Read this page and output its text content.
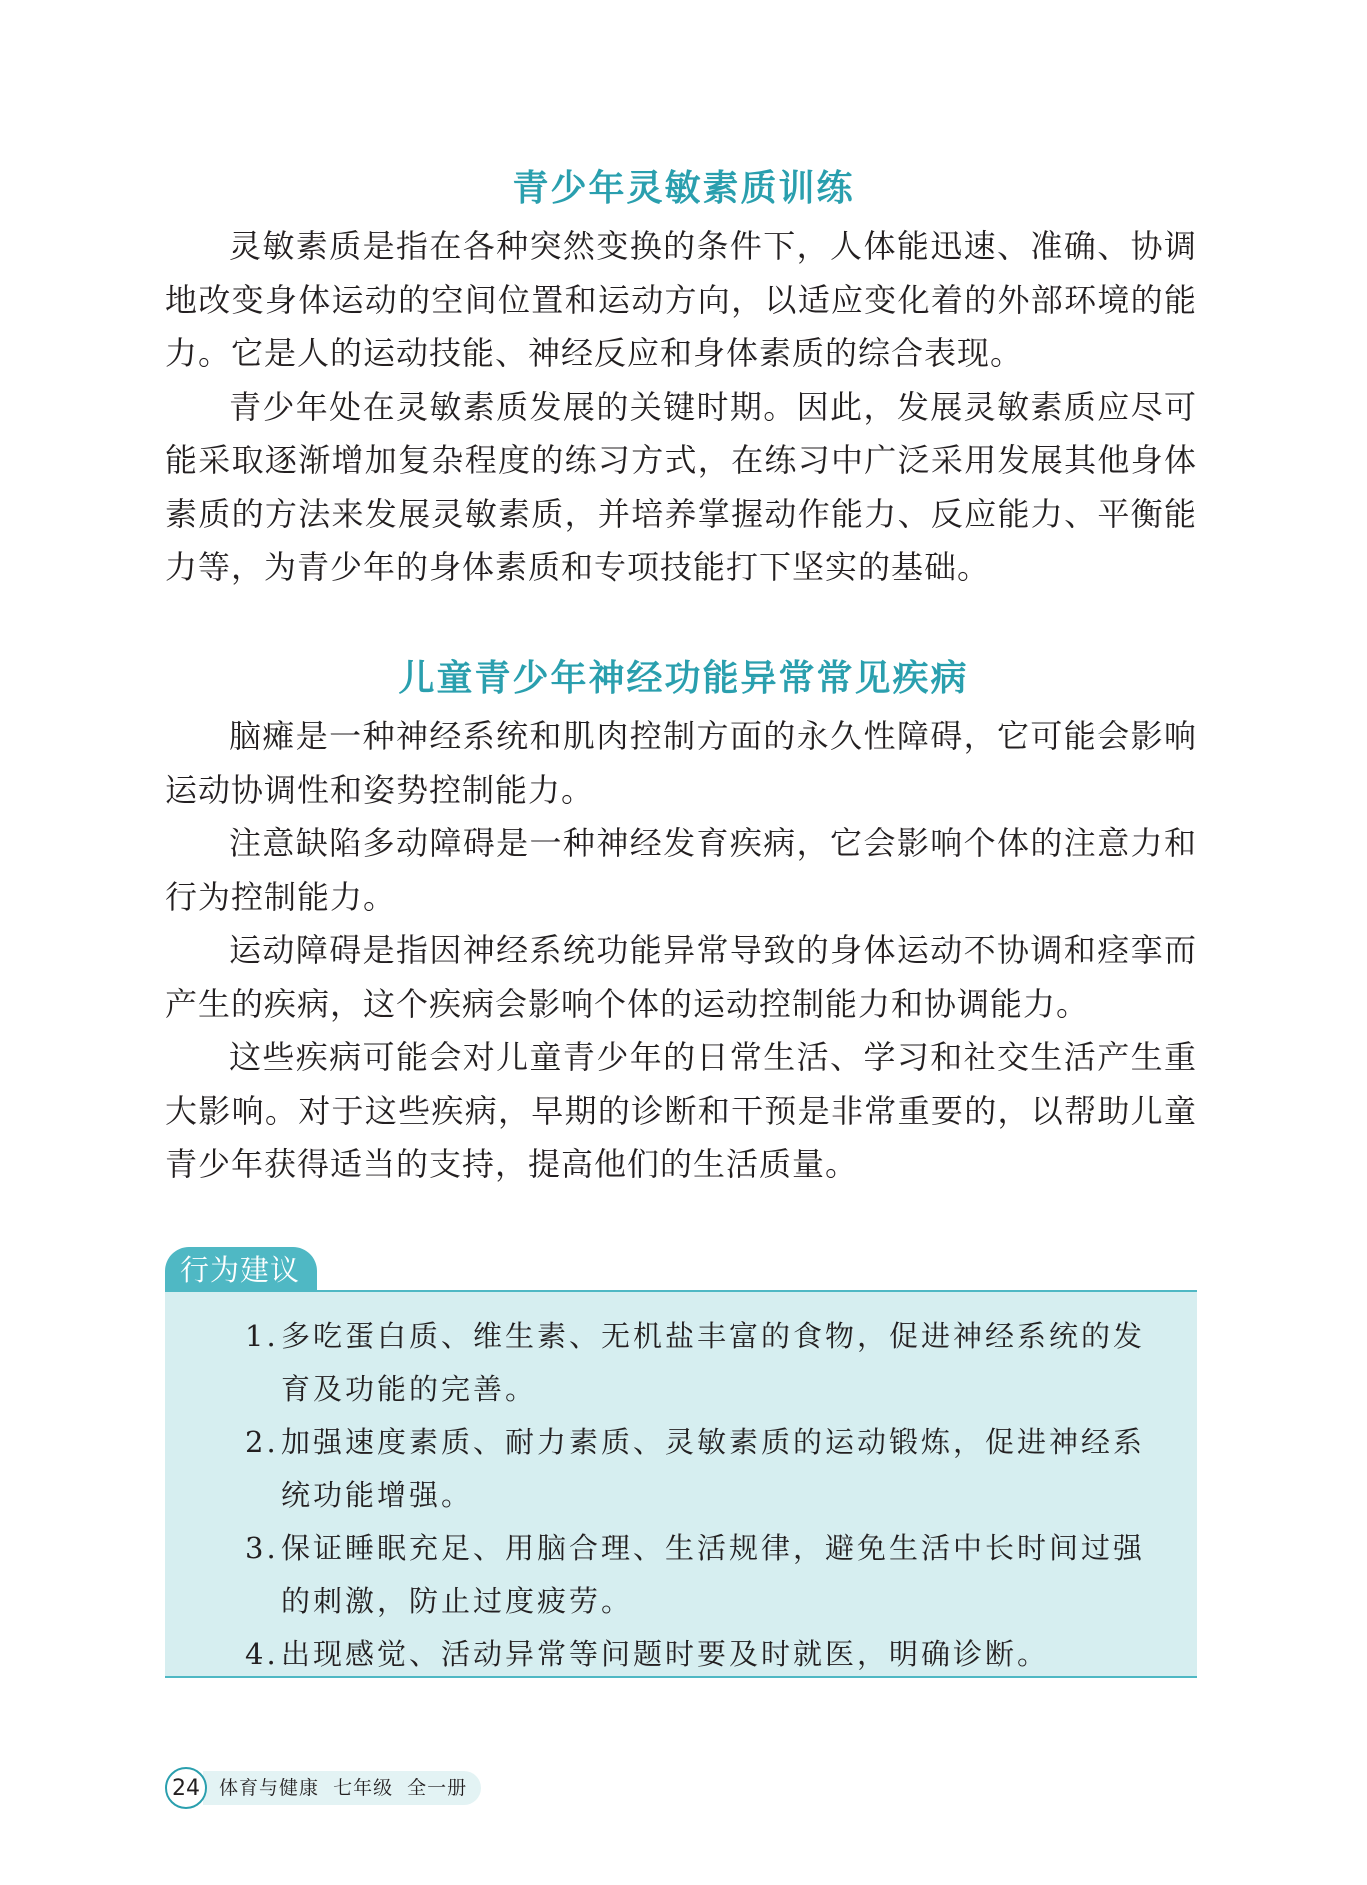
青少年灵敏素质训练

灵敏素质是指在各种突然变换的条件下，人体能迅速、准确、协调地改变身体运动的空间位置和运动方向，以适应变化着的外部环境的能力。它是人的运动技能、神经反应和身体素质的综合表现。

青少年处在灵敏素质发展的关键时期。因此，发展灵敏素质应尽可能采取逐渐增加复杂程度的练习方式，在练习中广泛采用发展其他身体素质的方法来发展灵敏素质，并培养掌握动作能力、反应能力、平衡能力等，为青少年的身体素质和专项技能打下坚实的基础。

儿童青少年神经功能异常常见疾病

脑瘫是一种神经系统和肌肉控制方面的永久性障碍，它可能会影响运动协调性和姿势控制能力。

注意缺陷多动障碍是一种神经发育疾病，它会影响个体的注意力和行为控制能力。

运动障碍是指因神经系统功能异常导致的身体运动不协调和痉挛而产生的疾病，这个疾病会影响个体的运动控制能力和协调能力。

这些疾病可能会对儿童青少年的日常生活、学习和社交生活产生重大影响。对于这些疾病，早期的诊断和干预是非常重要的，以帮助儿童青少年获得适当的支持，提高他们的生活质量。

行为建议
1. 多吃蛋白质、维生素、无机盐丰富的食物，促进神经系统的发育及功能的完善。
2. 加强速度素质、耐力素质、灵敏素质的运动锻炼，促进神经系统功能增强。
3. 保证睡眠充足、用脑合理、生活规律，避免生活中长时间过强的刺激，防止过度疲劳。
4. 出现感觉、活动异常等问题时要及时就医，明确诊断。
24	体育与健康  七年级  全一册
